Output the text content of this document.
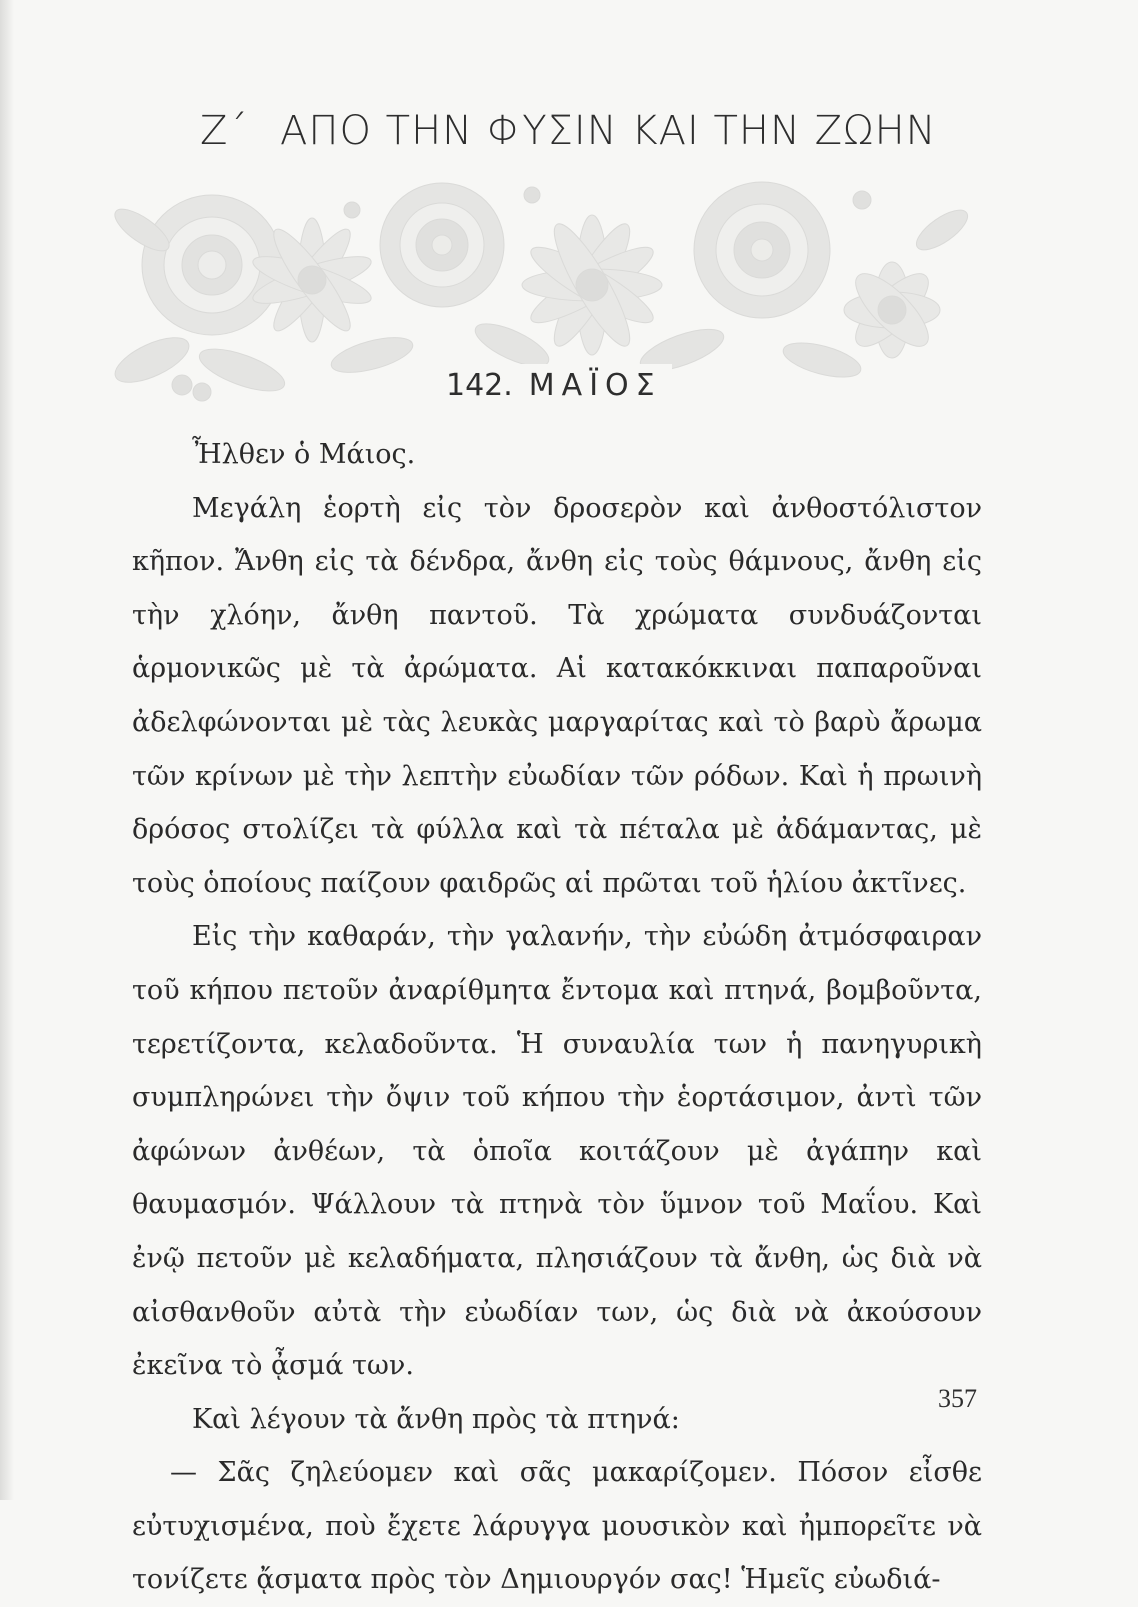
Ζ΄ ΑΠΟ ΤΗΝ ΦΥΣΙΝ ΚΑΙ ΤΗΝ ΖΩΗΝ
142. ΜΑΪΟΣ

Ἦλθεν ὁ Μάιος.

Μεγάλη ἑορτὴ εἰς τὸν δροσερὸν καὶ ἀνθοστόλιστον κῆπον. Ἄνθη εἰς τὰ δένδρα, ἄνθη εἰς τοὺς θάμνους, ἄνθη εἰς τὴν χλόην, ἄνθη παντοῦ. Τὰ χρώματα συνδυάζονται ἁρμονικῶς μὲ τὰ ἀρώματα. Αἱ κατακόκκιναι παπαροῦναι ἀδελφώνονται μὲ τὰς λευκὰς μαργαρίτας καὶ τὸ βαρὺ ἄρωμα τῶν κρίνων μὲ τὴν λεπτὴν εὐωδίαν τῶν ρόδων. Καὶ ἡ πρωινὴ δρόσος στολίζει τὰ φύλλα καὶ τὰ πέταλα μὲ ἀδάμαντας, μὲ τοὺς ὁποίους παίζουν φαιδρῶς αἱ πρῶται τοῦ ἡλίου ἀκτῖνες.

Εἰς τὴν καθαράν, τὴν γαλανήν, τὴν εὐώδη ἀτμόσφαιραν τοῦ κήπου πετοῦν ἀναρίθμητα ἔντομα καὶ πτηνά, βομβοῦντα, τερετίζοντα, κελαδοῦντα. Ἡ συναυλία των ἡ πανηγυρικὴ συμπληρώνει τὴν ὄψιν τοῦ κήπου τὴν ἑορτάσιμον, ἀντὶ τῶν ἀφώνων ἀνθέων, τὰ ὁποῖα κοιτάζουν μὲ ἀγάπην καὶ θαυμασμόν. Ψάλλουν τὰ πτηνὰ τὸν ὕμνον τοῦ Μαΐου. Καὶ ἐνῷ πετοῦν μὲ κελαδήματα, πλησιάζουν τὰ ἄνθη, ὡς διὰ νὰ αἰσθανθοῦν αὐτὰ τὴν εὐωδίαν των, ὡς διὰ νὰ ἀκούσουν ἐκεῖνα τὸ ᾆσμά των.

Καὶ λέγουν τὰ ἄνθη πρὸς τὰ πτηνά:

— Σᾶς ζηλεύομεν καὶ σᾶς μακαρίζομεν. Πόσον εἶσθε εὐτυχισμένα, ποὺ ἔχετε λάρυγγα μουσικὸν καὶ ἠμπορεῖτε νὰ τονίζετε ᾄσματα πρὸς τὸν Δημιουργόν σας! Ἡμεῖς εὐωδιά-

357
